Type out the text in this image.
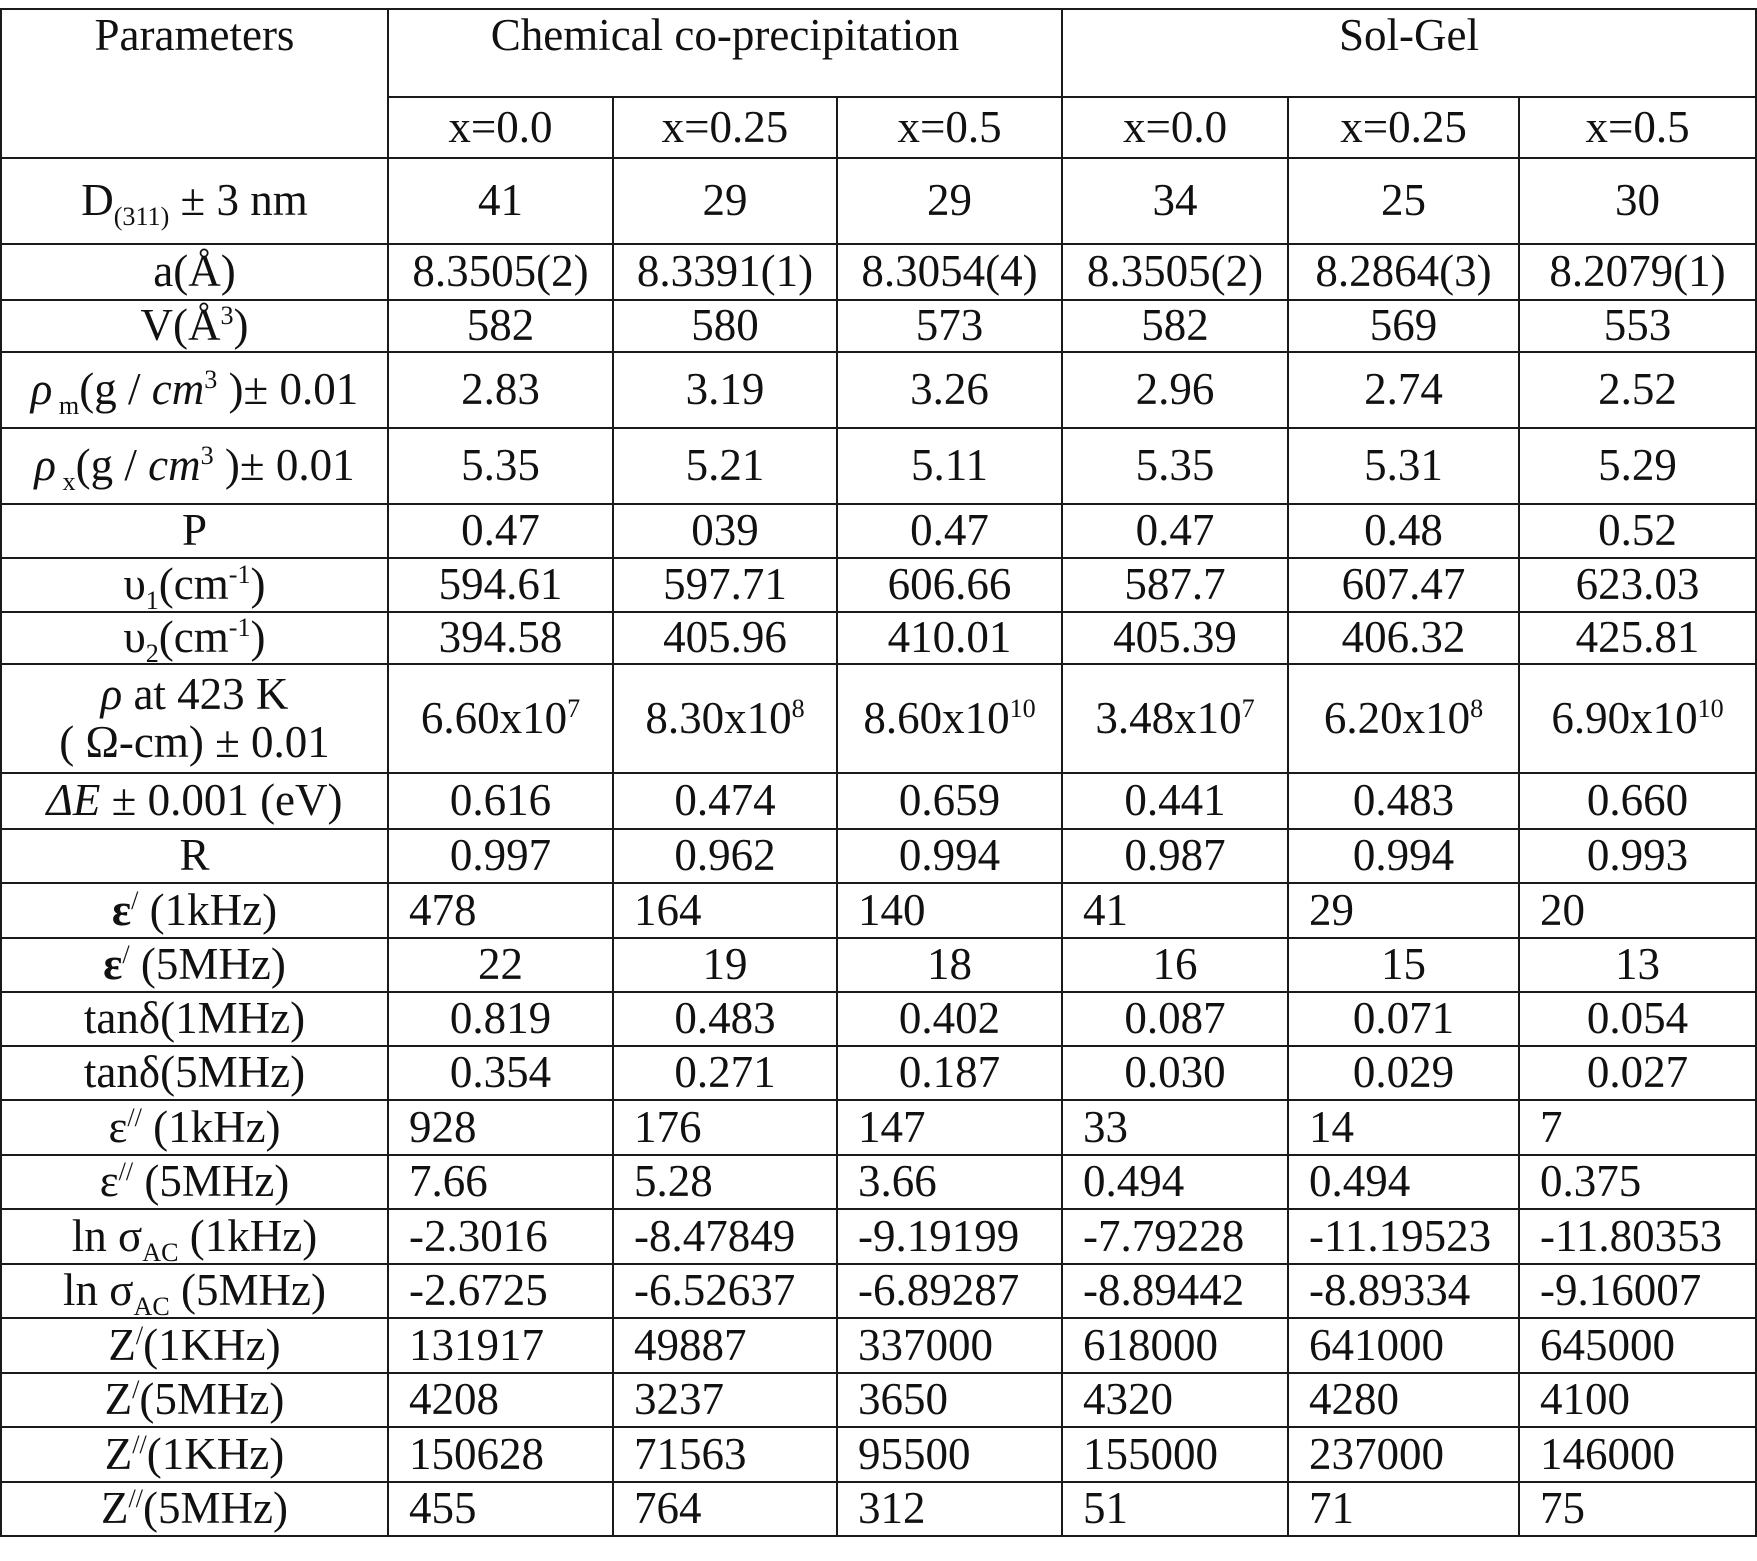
Parameters	Chemical co-precipitation			Sol-Gel		
	x=0.0	x=0.25	x=0.5	x=0.0	x=0.25	x=0.5
$D_{(311)} \pm 3$ nm	41	29	29	34	25	30
a(Å)	8.3505(2)	8.3391(1)	8.3054(4)	8.3505(2)	8.2864(3)	8.2079(1)
$V(Å^3)$	582	580	573	582	569	553
ρ $_m(g / cm^3$ )± 0.01	2.83	3.19	3.26	2.96	2.74	2.52
ρ $_x(g / cm^3$ )± 0.01	5.35	5.21	5.11	5.35	5.31	5.29
P	0.47	039	0.47	0.47	0.48	0.52
$\upsilon_1(cm^{-1})$	594.61	597.71	606.66	587.7	607.47	623.03
$\upsilon_2(cm^{-1})$	394.58	405.96	410.01	405.39	406.32	425.81
ρ at 423 K
( Ω-cm) ± 0.01	$6.60x10^7$	$8.30x10^8$	$8.60x10^{10}$	$3.48x10^7$	$6.20x10^8$	$6.90x10^{10}$
ΔE ± 0.001 (eV)	0.616	0.474	0.659	0.441	0.483	0.660
R	0.997	0.962	0.994	0.987	0.994	0.993
ε/ (1kHz)	478	164	140	41	29	20
ε/ (5MHz)	22	19	18	16	15	13
tanδ(1MHz)	0.819	0.483	0.402	0.087	0.071	0.054
tanδ(5MHz)	0.354	0.271	0.187	0.030	0.029	0.027
ε// (1kHz)	928	176	147	33	14	7
ε// (5MHz)	7.66	5.28	3.66	0.494	0.494	0.375
$\ln \sigma_{AC}$ (1kHz)	-2.3016	-8.47849	-9.19199	-7.79228	-11.19523	-11.80353
$\ln \sigma_{AC}$ (5MHz)	-2.6725	-6.52637	-6.89287	-8.89442	-8.89334	-9.16007
Z/(1KHz)	131917	49887	337000	618000	641000	645000
Z/(5MHz)	4208	3237	3650	4320	4280	4100
Z//(1KHz)	150628	71563	95500	155000	237000	146000
Z//(5MHz)	455	764	312	51	71	75
